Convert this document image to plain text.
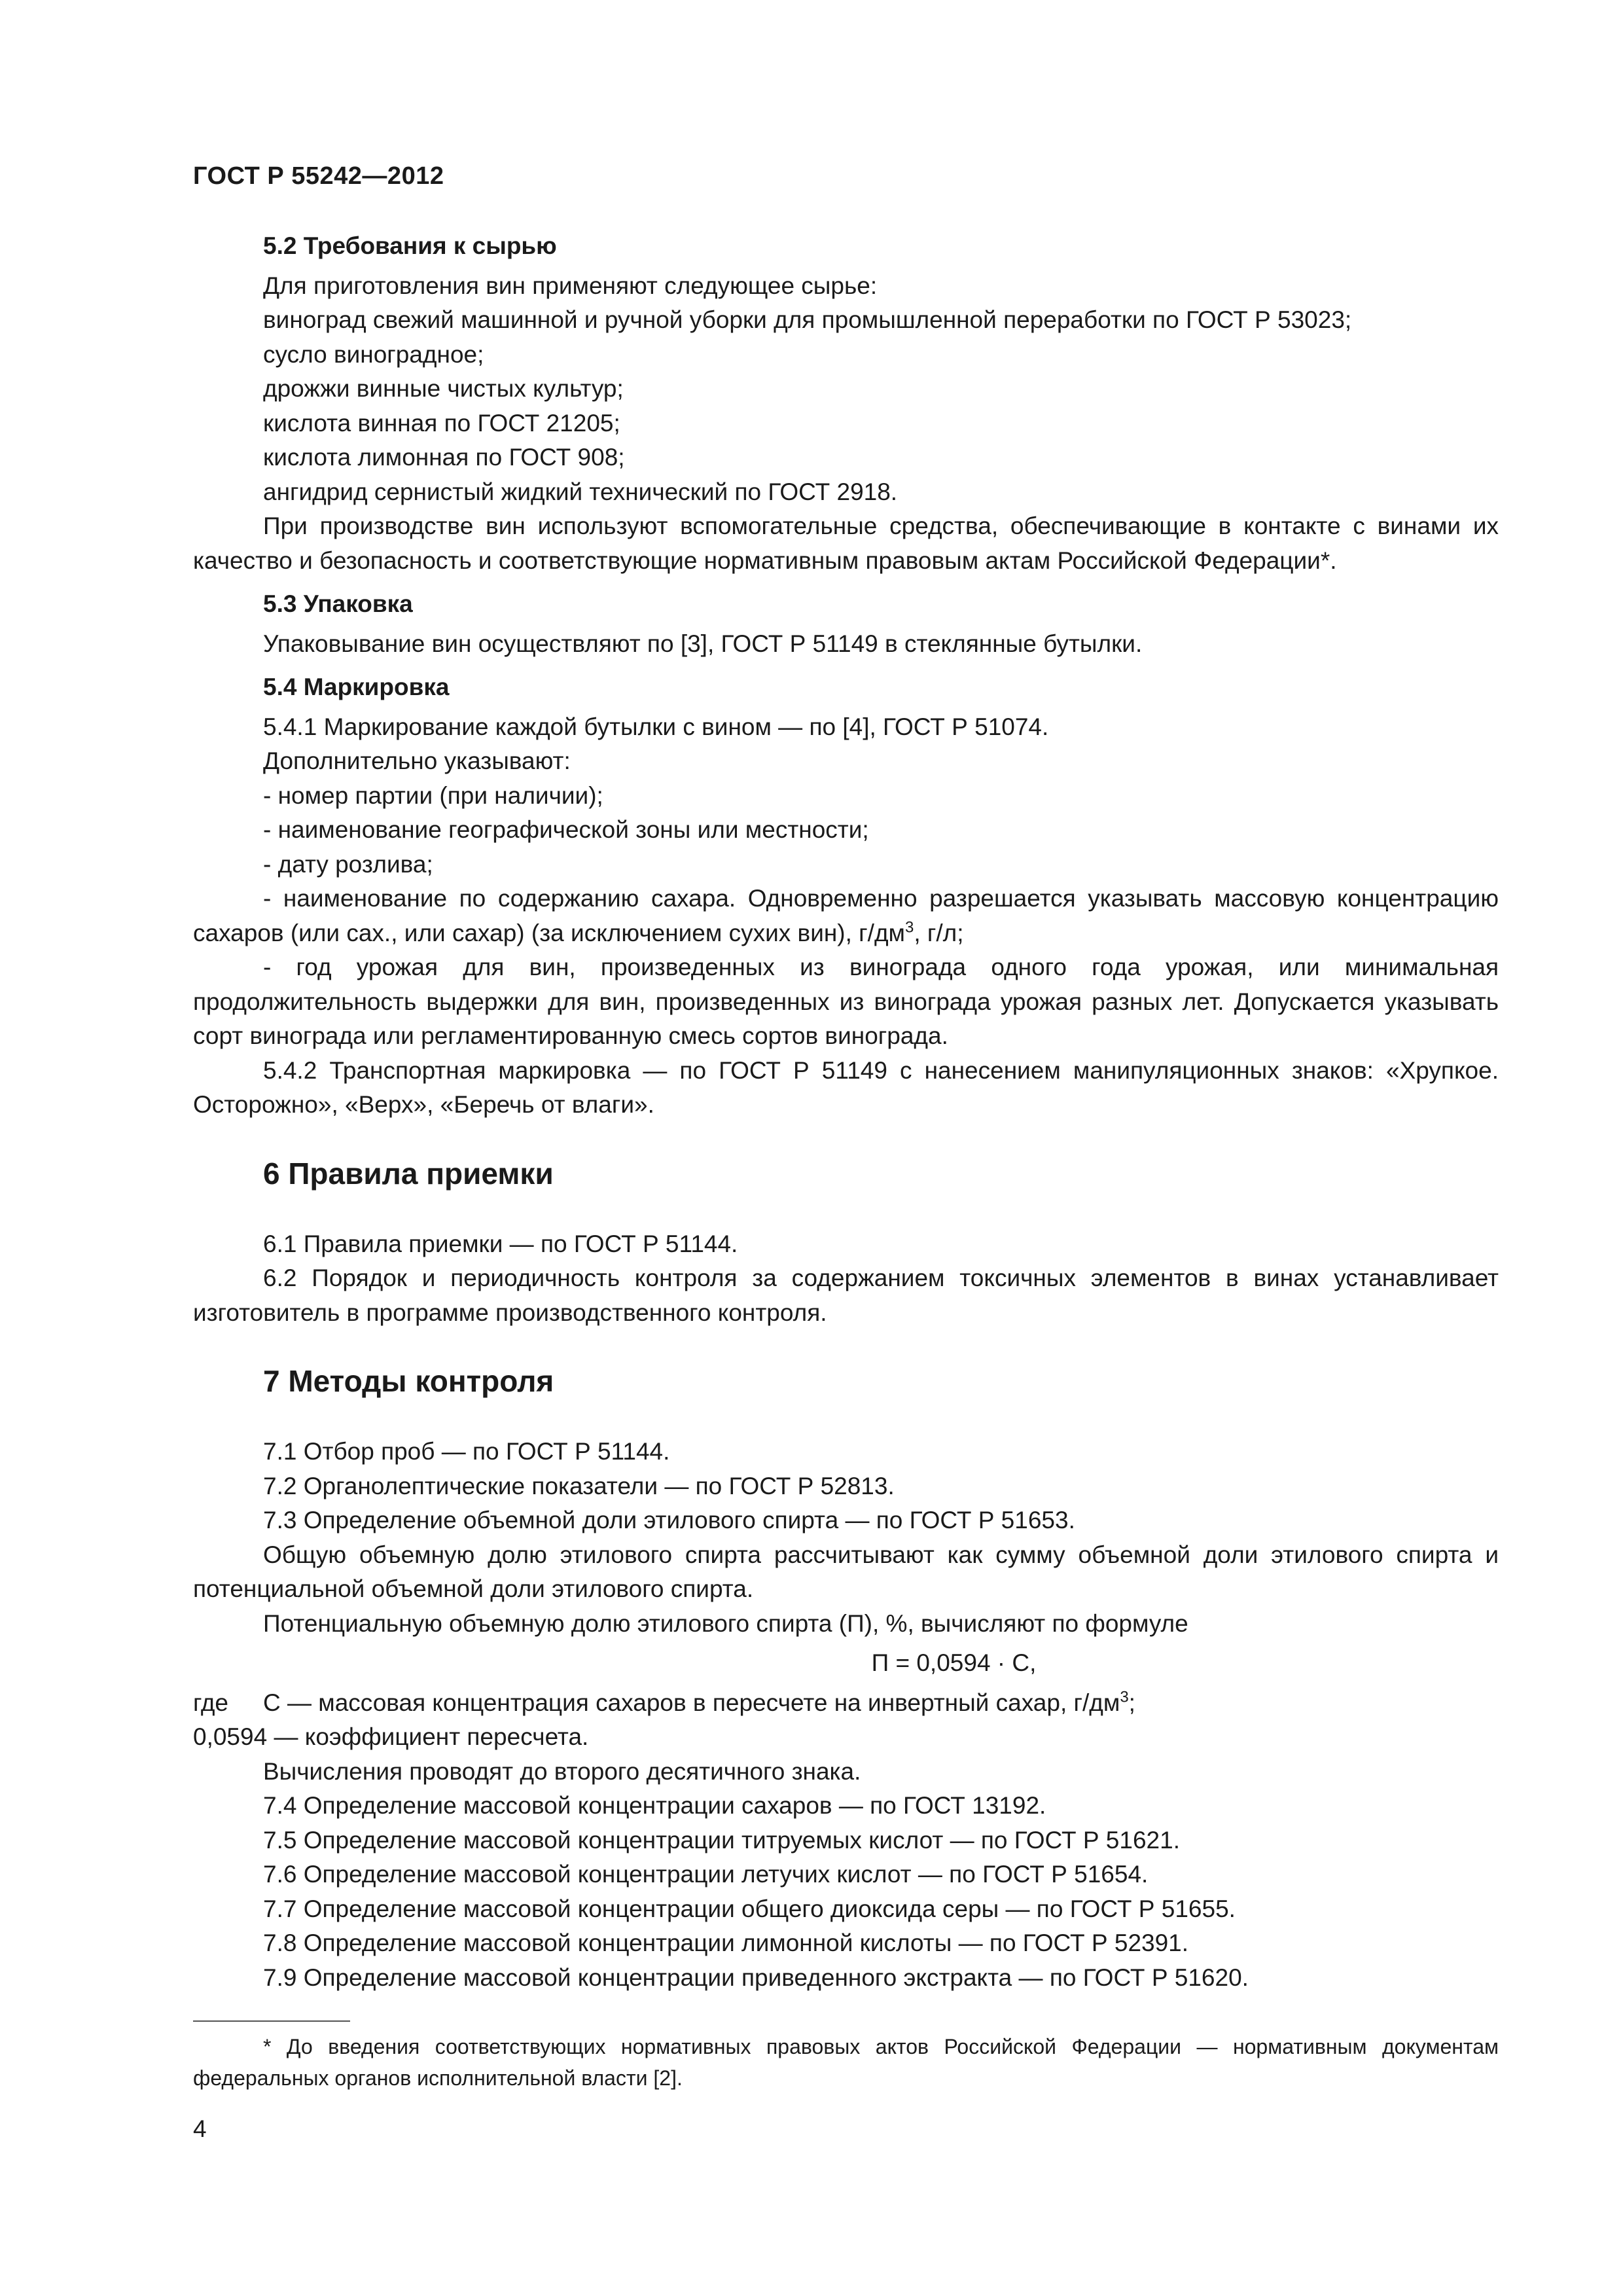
ГОСТ Р 55242—2012
5.2 Требования к сырью

Для приготовления вин применяют следующее сырье:

виноград свежий машинной и ручной уборки для промышленной переработки по ГОСТ Р 53023;

сусло виноградное;

дрожжи винные чистых культур;

кислота винная по ГОСТ 21205;

кислота лимонная по ГОСТ 908;

ангидрид сернистый жидкий технический по ГОСТ 2918.

При производстве вин используют вспомогательные средства, обеспечивающие в контакте с винами их качество и безопасность и соответствующие нормативным правовым актам Российской Федерации*.

5.3 Упаковка

Упаковывание вин осуществляют по [3], ГОСТ Р 51149 в стеклянные бутылки.

5.4 Маркировка

5.4.1 Маркирование каждой бутылки с вином — по [4], ГОСТ Р 51074.

Дополнительно указывают:

- номер партии (при наличии);

- наименование географической зоны или местности;

- дату розлива;

- наименование по содержанию сахара. Одновременно разрешается указывать массовую концентрацию сахаров (или сах., или сахар) (за исключением сухих вин), $г/дм^3$, г/л;

- год урожая для вин, произведенных из винограда одного года урожая, или минимальная продолжительность выдержки для вин, произведенных из винограда урожая разных лет. Допускается указывать сорт винограда или регламентированную смесь сортов винограда.

5.4.2 Транспортная маркировка — по ГОСТ Р 51149 с нанесением манипуляционных знаков: «Хрупкое. Осторожно», «Верх», «Беречь от влаги».

6 Правила приемки

6.1 Правила приемки — по ГОСТ Р 51144.

6.2 Порядок и периодичность контроля за содержанием токсичных элементов в винах устанавливает изготовитель в программе производственного контроля.

7 Методы контроля

7.1 Отбор проб — по ГОСТ Р 51144.

7.2 Органолептические показатели — по ГОСТ Р 52813.

7.3 Определение объемной доли этилового спирта — по ГОСТ Р 51653.

Общую объемную долю этилового спирта рассчитывают как сумму объемной доли этилового спирта и потенциальной объемной доли этилового спирта.

Потенциальную объемную долю этилового спирта (П), %, вычисляют по формуле

П = 0,0594 · С,

где	С — массовая концентрация сахаров в пересчете на инвертный сахар, $г/дм^3$;

0,0594 — коэффициент пересчета.

Вычисления проводят до второго десятичного знака.

7.4 Определение массовой концентрации сахаров — по ГОСТ 13192.

7.5 Определение массовой концентрации титруемых кислот — по ГОСТ Р 51621.

7.6 Определение массовой концентрации летучих кислот — по ГОСТ Р 51654.

7.7 Определение массовой концентрации общего диоксида серы — по ГОСТ Р 51655.

7.8 Определение массовой концентрации лимонной кислоты — по ГОСТ Р 52391.

7.9 Определение массовой концентрации приведенного экстракта — по ГОСТ Р 51620.

* До введения соответствующих нормативных правовых актов Российской Федерации — нормативным документам федеральных органов исполнительной власти [2].
4
